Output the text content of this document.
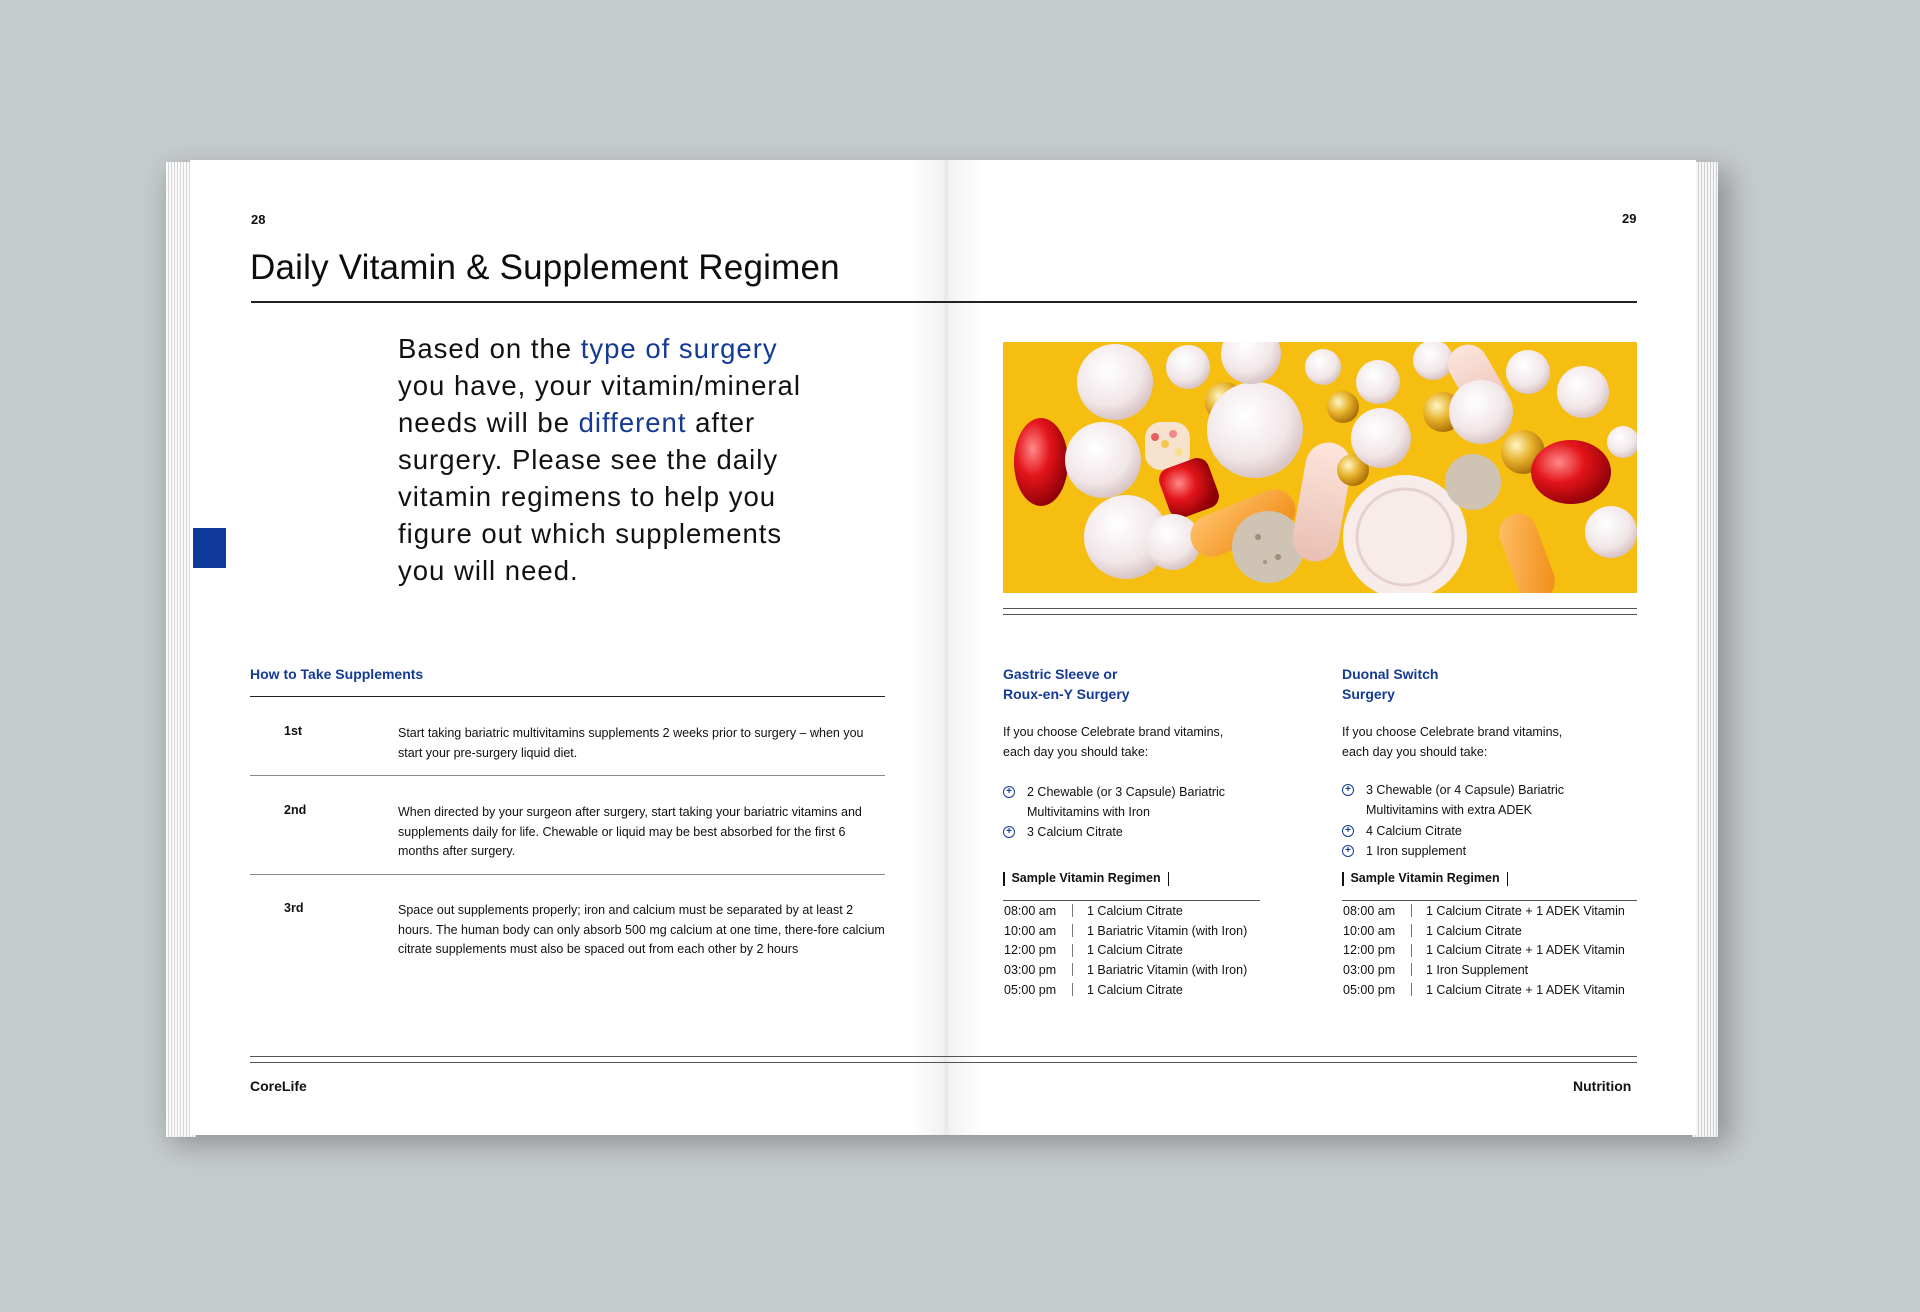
28	29
Daily Vitamin & Supplement Regimen
Based on the type of surgery you have, your vitamin/mineral needs will be different after surgery. Please see the daily vitamin regimens to help you figure out which supplements you will need.
How to Take Supplements
1st	Start taking bariatric multivitamins supplements 2 weeks prior to surgery – when you start your pre-surgery liquid diet.
2nd	When directed by your surgeon after surgery, start taking your bariatric vitamins and supplements daily for life. Chewable or liquid may be best absorbed for the first 6 months after surgery.
3rd	Space out supplements properly; iron and calcium must be separated by at least 2 hours. The human body can only absorb 500 mg calcium at one time, there-fore calcium citrate supplements must also be spaced out from each other by 2 hours
Gastric Sleeve or
Roux-en-Y Surgery
If you choose Celebrate brand vitamins,
each day you should take:
+ 2 Chewable (or 3 Capsule) Bariatric
Multivitamins with Iron
+ 3 Calcium Citrate
Sample Vitamin Regimen
08:00 am		1 Calcium Citrate
10:00 am		1 Bariatric Vitamin (with Iron)
12:00 pm		1 Calcium Citrate
03:00 pm		1 Bariatric Vitamin (with Iron)
05:00 pm		1 Calcium Citrate
Duonal Switch
Surgery
If you choose Celebrate brand vitamins,
each day you should take:
+ 3 Chewable (or 4 Capsule) Bariatric
Multivitamins with extra ADEK
+ 4 Calcium Citrate
+ 1 Iron supplement
Sample Vitamin Regimen
08:00 am		1 Calcium Citrate + 1 ADEK Vitamin
10:00 am		1 Calcium Citrate
12:00 pm		1 Calcium Citrate + 1 ADEK Vitamin
03:00 pm		1 Iron Supplement
05:00 pm		1 Calcium Citrate + 1 ADEK Vitamin
CoreLife	Nutrition
